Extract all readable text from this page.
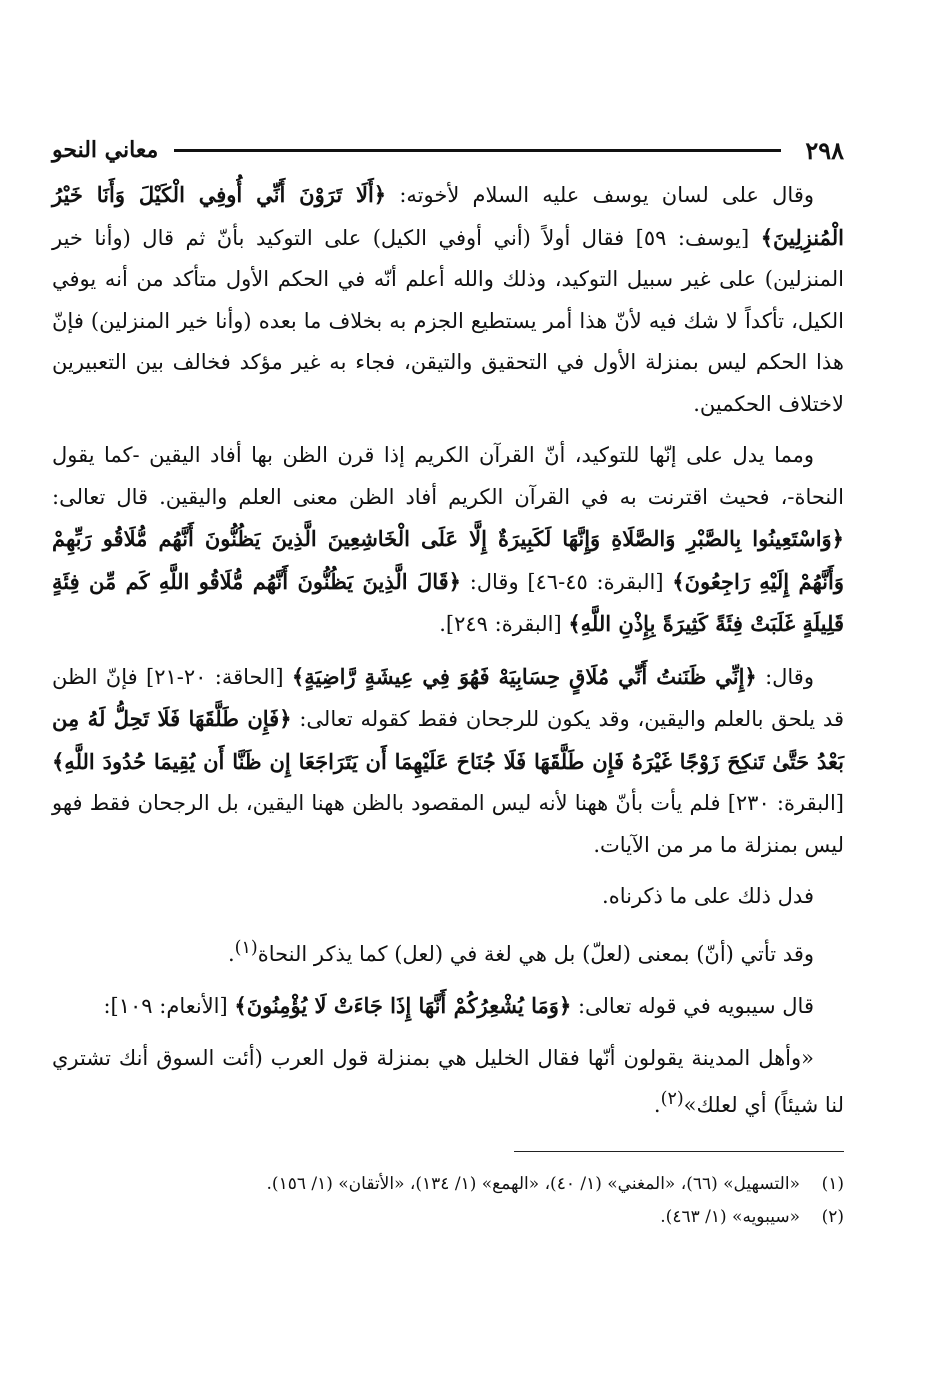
٢٩٨
معاني النحو

وقال على لسان يوسف عليه السلام لأخوته: ﴿أَلَا تَرَوْنَ أَنِّي أُوفِي الْكَيْلَ وَأَنَا خَيْرُ الْمُنزِلِينَ﴾ [يوسف: ٥٩] فقال أولاً (أني أوفي الكيل) على التوكيد بأنّ ثم قال (وأنا خير المنزلين) على غير سبيل التوكيد، وذلك والله أعلم أنّه في الحكم الأول متأكد من أنه يوفي الكيل، تأكداً لا شك فيه لأنّ هذا أمر يستطيع الجزم به بخلاف ما بعده (وأنا خير المنزلين) فإنّ هذا الحكم ليس بمنزلة الأول في التحقيق والتيقن، فجاء به غير مؤكد فخالف بين التعبيرين لاختلاف الحكمين.

ومما يدل على إنّها للتوكيد، أنّ القرآن الكريم إذا قرن الظن بها أفاد اليقين -كما يقول النحاة-، فحيث اقترنت به في القرآن الكريم أفاد الظن معنى العلم واليقين. قال تعالى: ﴿وَاسْتَعِينُوا بِالصَّبْرِ وَالصَّلَاةِ وَإِنَّهَا لَكَبِيرَةٌ إِلَّا عَلَى الْخَاشِعِينَ الَّذِينَ يَظُنُّونَ أَنَّهُم مُّلَاقُو رَبِّهِمْ وَأَنَّهُمْ إِلَيْهِ رَاجِعُونَ﴾ [البقرة: ٤٥-٤٦] وقال: ﴿قَالَ الَّذِينَ يَظُنُّونَ أَنَّهُم مُّلَاقُو اللَّهِ كَم مِّن فِئَةٍ قَلِيلَةٍ غَلَبَتْ فِئَةً كَثِيرَةً بِإِذْنِ اللَّهِ﴾ [البقرة: ٢٤٩].

وقال: ﴿إِنِّي ظَنَنتُ أَنِّي مُلَاقٍ حِسَابِيَهْ فَهُوَ فِي عِيشَةٍ رَّاضِيَةٍ﴾ [الحاقة: ٢٠-٢١] فإنّ الظن قد يلحق بالعلم واليقين، وقد يكون للرجحان فقط كقوله تعالى: ﴿فَإِن طَلَّقَهَا فَلَا تَحِلُّ لَهُ مِن بَعْدُ حَتَّىٰ تَنكِحَ زَوْجًا غَيْرَهُ فَإِن طَلَّقَهَا فَلَا جُنَاحَ عَلَيْهِمَا أَن يَتَرَاجَعَا إِن ظَنَّا أَن يُقِيمَا حُدُودَ اللَّهِ﴾ [البقرة: ٢٣٠] فلم يأت بأنّ ههنا لأنه ليس المقصود بالظن ههنا اليقين، بل الرجحان فقط فهو ليس بمنزلة ما مر من الآيات.

فدل ذلك على ما ذكرناه.

وقد تأتي (أنّ) بمعنى (لعلّ) بل هي لغة في (لعل) كما يذكر النحاة$^{(١)}$.

قال سيبويه في قوله تعالى: ﴿وَمَا يُشْعِرُكُمْ أَنَّهَا إِذَا جَاءَتْ لَا يُؤْمِنُونَ﴾ [الأنعام: ١٠٩]:

«وأهل المدينة يقولون أنّها فقال الخليل هي بمنزلة قول العرب (أئت السوق أنك تشتري لنا شيئاً) أي لعلك»$^{(٢)}$.

(١)«التسهيل» (٦٦)، «المغني» (١/ ٤٠)، «الهمع» (١/ ١٣٤)، «الأتقان» (١/ ١٥٦).

(٢)«سيبويه» (١/ ٤٦٣).
